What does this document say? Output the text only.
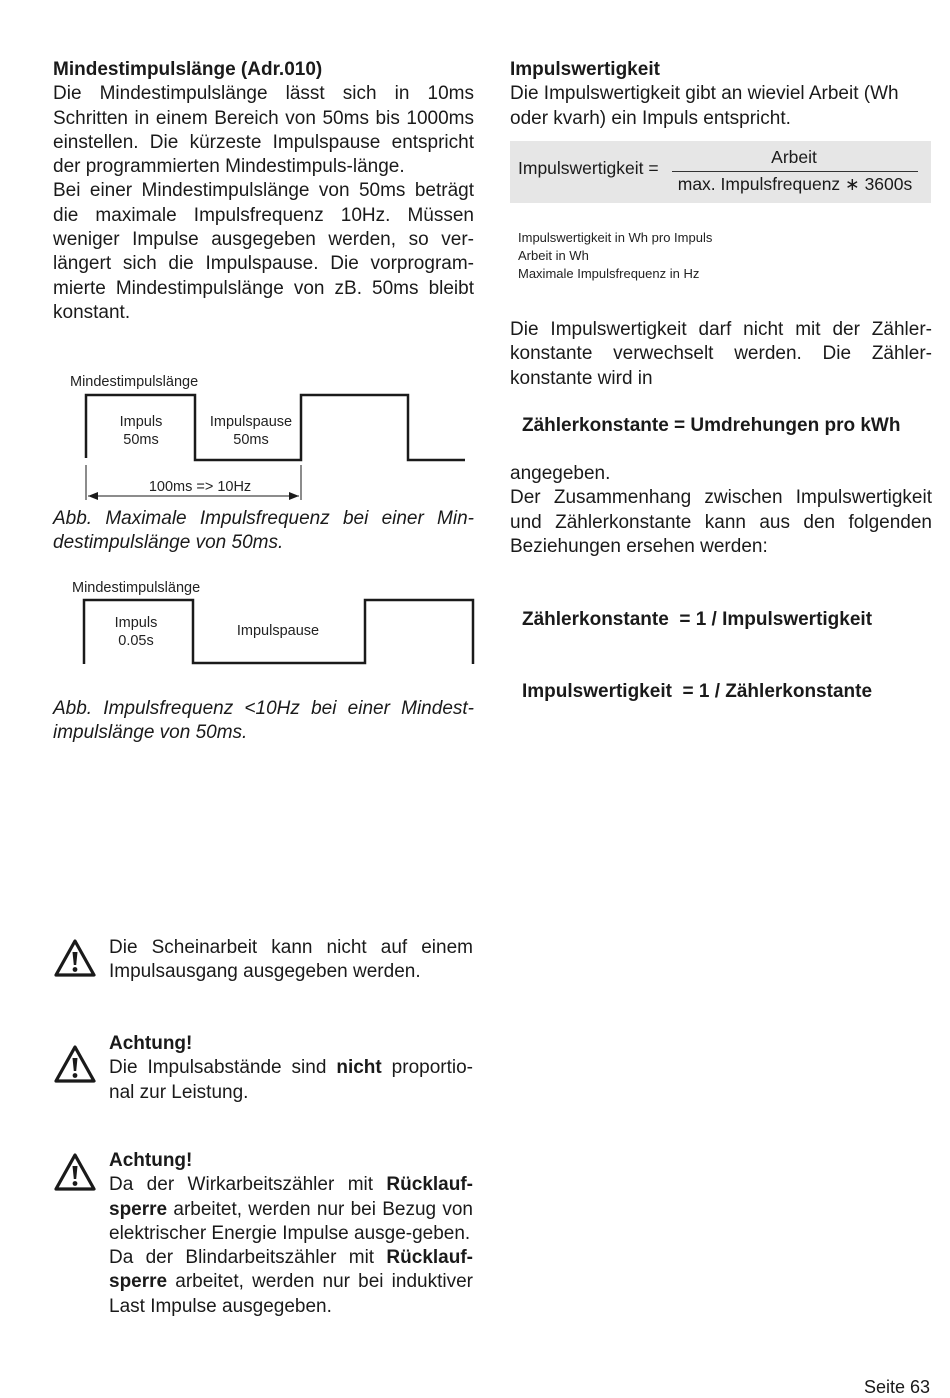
Mindestimpulslänge (Adr.010)

Die Mindestimpulslänge lässt sich in 10ms Schritten in einem Bereich von 50ms bis 1000ms einstellen. Die kürzeste Impulspause entspricht der programmierten Mindestimpuls-länge.

Bei einer Mindestimpulslänge von 50ms beträgt die maximale Impulsfrequenz 10Hz. Müssen weniger Impulse ausgegeben werden, so ver-längert sich die Impulspause. Die vorprogram-mierte Mindestimpulslänge von zB. 50ms bleibt konstant.

Mindestimpulslänge
Impuls
50ms
Impulspause
50ms
100ms => 10Hz

Abb. Maximale Impulsfrequenz bei einer Min-destimpulslänge von 50ms.

Mindestimpulslänge
Impuls
0.05s
Impulspause

Abb. Impulsfrequenz <10Hz bei einer Mindest-impulslänge von 50ms.

Die Scheinarbeit kann nicht auf einem Impulsausgang ausgegeben werden.

Achtung!

Die Impulsabstände sind nicht proportio-nal zur Leistung.

Achtung!

Da der Wirkarbeitszähler mit Rücklauf-sperre arbeitet, werden nur bei Bezug von elektrischer Energie Impulse ausge-geben.

Da der Blindarbeitszähler mit Rücklauf-sperre arbeitet, werden nur bei induktiver Last Impulse ausgegeben.

Impulswertigkeit

Die Impulswertigkeit gibt an wieviel Arbeit (Wh oder kvarh) ein Impuls entspricht.

Impulswertigkeit =
Arbeit
max. Impulsfrequenz ∗ 3600s
Impulswertigkeit in Wh pro Impuls
Arbeit in Wh
Maximale Impulsfrequenz in Hz

Die Impulswertigkeit darf nicht mit der Zähler-konstante verwechselt werden. Die Zähler-konstante wird in

Zählerkonstante = Umdrehungen pro kWh

angegeben.

Der Zusammenhang zwischen Impulswertigkeit und Zählerkonstante kann aus den folgenden Beziehungen ersehen werden:

Zählerkonstante  = 1 / Impulswertigkeit

Impulswertigkeit  = 1 / Zählerkonstante

Seite 63
